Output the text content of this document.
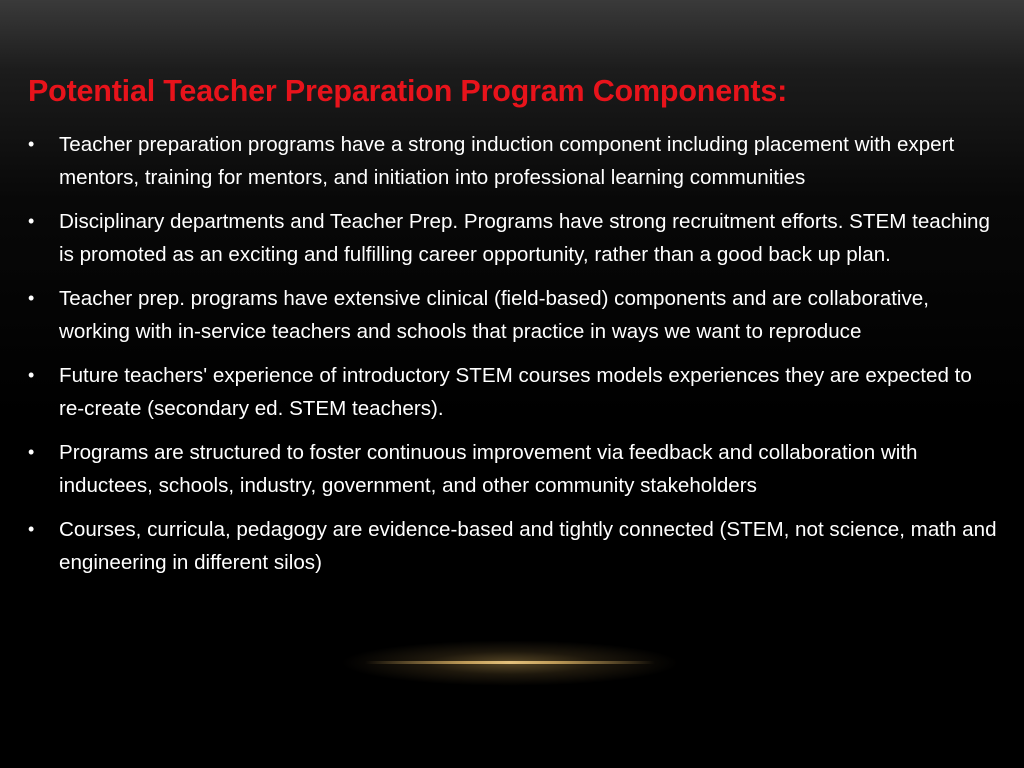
Potential Teacher Preparation Program Components:
•	Teacher preparation programs have a strong induction component including placement with expert mentors, training for mentors, and initiation into professional learning communities
•	Disciplinary departments and Teacher Prep. Programs have strong recruitment efforts. STEM teaching is promoted as an exciting and fulfilling career opportunity, rather than a good back up plan.
•	Teacher prep. programs have extensive clinical (field-based) components and are collaborative, working with in-service teachers and schools that practice in ways we want to reproduce
•	Future teachers' experience of introductory STEM courses models experiences they are expected to re-create (secondary ed. STEM teachers).
•	Programs are structured to foster continuous improvement via feedback and collaboration with inductees, schools, industry, government, and other community stakeholders
•	Courses, curricula, pedagogy are evidence-based and tightly connected (STEM, not science, math and engineering in different silos)
